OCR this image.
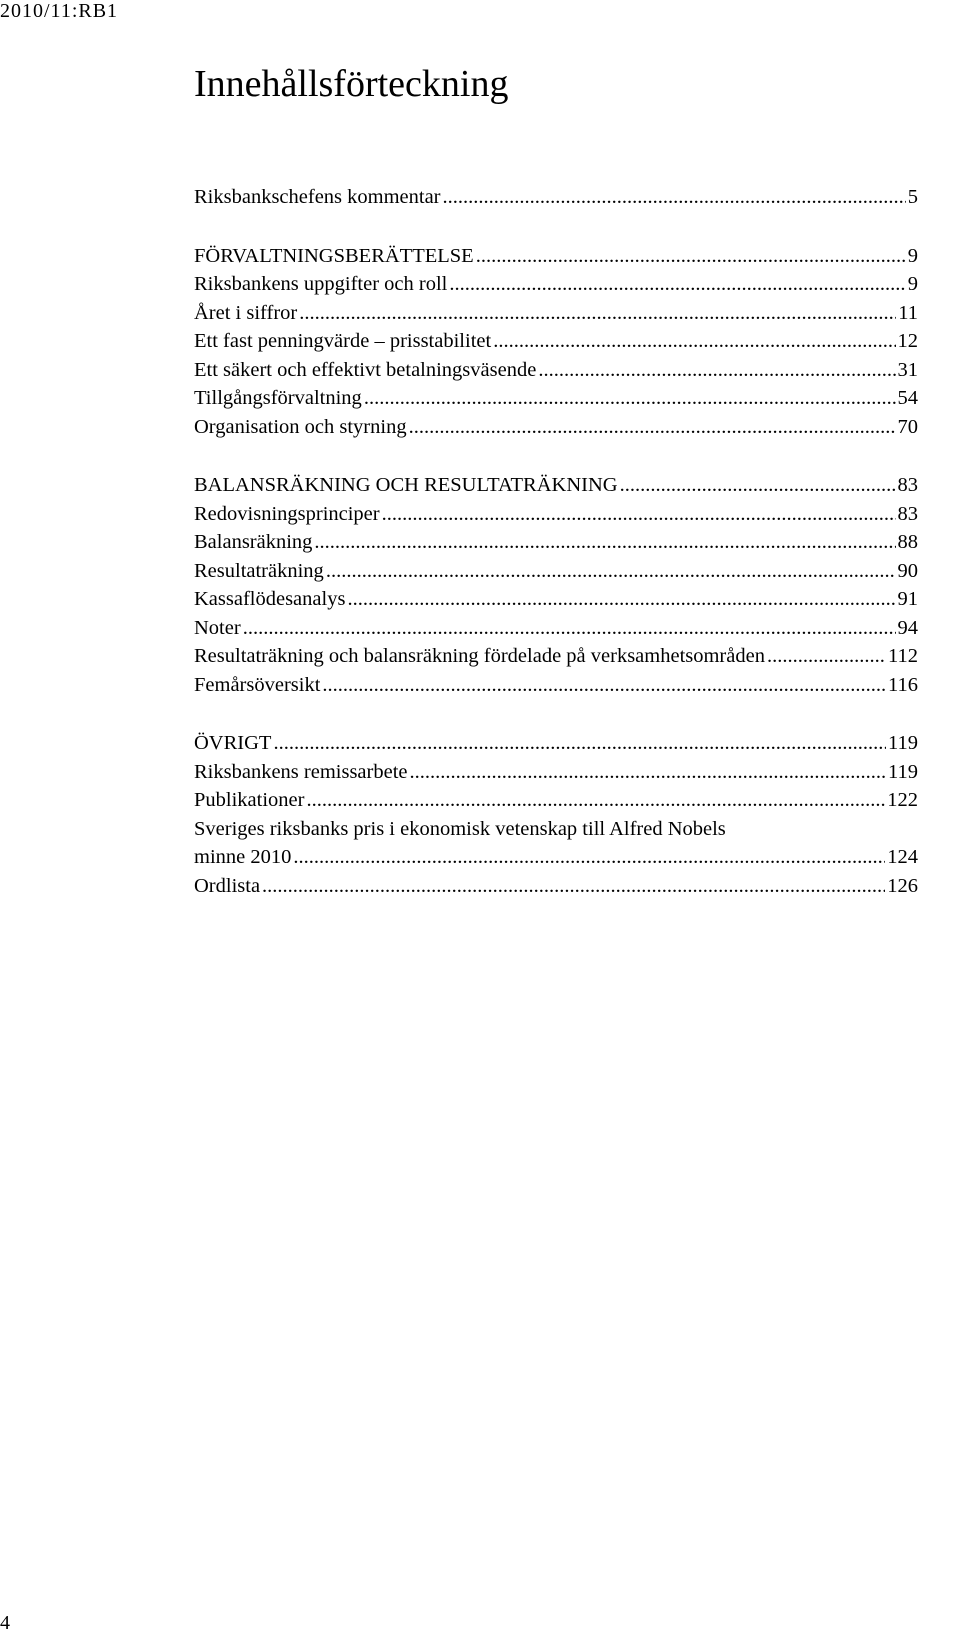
2010/11:RB1
Innehållsförteckning
Riksbankschefens kommentar .....	5
FÖRVALTNINGSBERÄTTELSE .....	9
Riksbankens uppgifter och roll .....	9
Året i siffror .....	11
Ett fast penningvärde – prisstabilitet .....	12
Ett säkert och effektivt betalningsväsende .....	31
Tillgångsförvaltning .....	54
Organisation och styrning .....	70
BALANSRÄKNING OCH RESULTATRÄKNING .....	83
Redovisningsprinciper .....	83
Balansräkning .....	88
Resultaträkning .....	90
Kassaflödesanalys .....	91
Noter .....	94
Resultaträkning och balansräkning fördelade på verksamhetsområden .....	112
Femårsöversikt .....	116
ÖVRIGT .....	119
Riksbankens remissarbete .....	119
Publikationer .....	122
Sveriges riksbanks pris i ekonomisk vetenskap till Alfred Nobels
minne 2010 .....	124
Ordlista .....	126
4
